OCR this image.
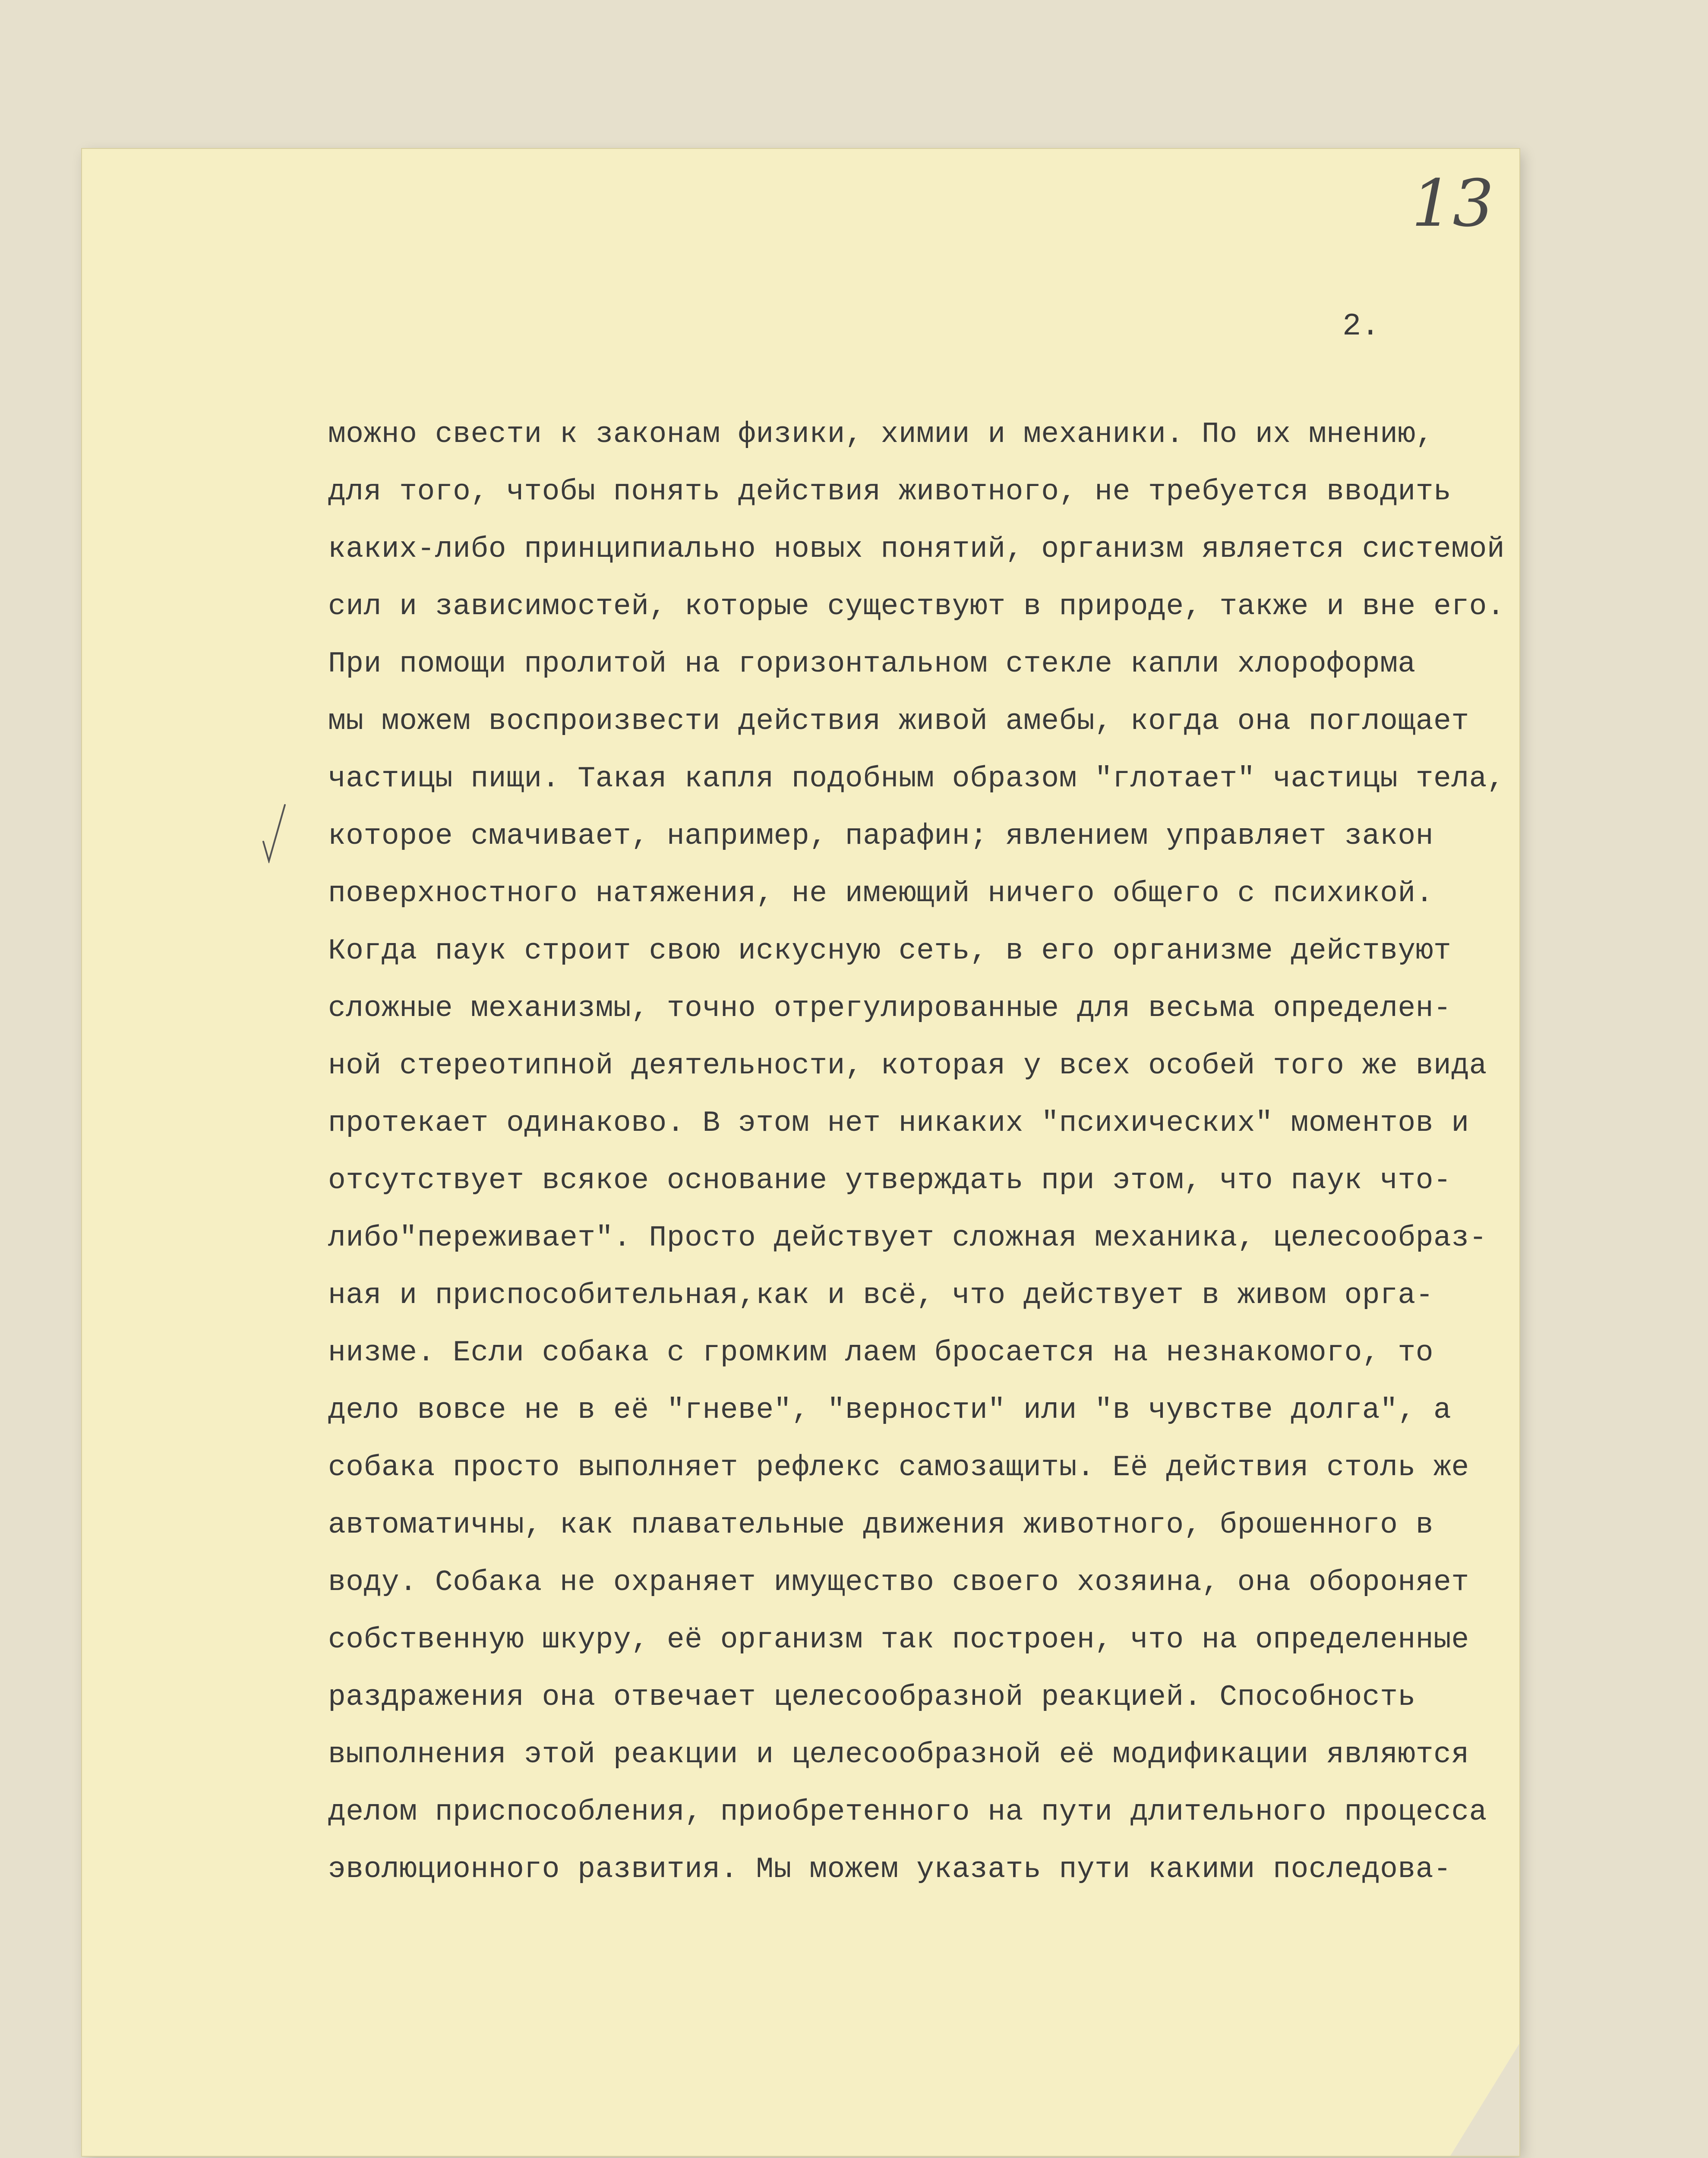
13
2.
можно свести к законам физики, химии и механики. По их мнению,
для того, чтобы понять действия животного, не требуется вводить
каких-либо принципиально новых понятий, организм является системой
сил и зависимостей, которые существуют в природе, также и вне его.
При помощи пролитой на горизонтальном стекле капли хлороформа
мы можем воспроизвести действия живой амебы, когда она поглощает
частицы пищи. Такая капля подобным образом "глотает" частицы тела,
которое смачивает, например, парафин; явлением управляет закон
поверхностного натяжения, не имеющий ничего общего с психикой.
Когда паук строит свою искусную сеть, в его организме действуют
сложные механизмы, точно отрегулированные для весьма определен-
ной стереотипной деятельности, которая у всех особей того же вида
протекает одинаково. В этом нет никаких "психических" моментов и
отсутствует всякое основание утверждать при этом, что паук что-
либо"переживает". Просто действует сложная механика, целесообраз-
ная и приспособительная,как и всё, что действует в живом орга-
низме. Если собака с громким лаем бросается на незнакомого, то
дело вовсе не в её "гневе", "верности" или "в чувстве долга", а
собака просто выполняет рефлекс самозащиты. Её действия столь же
автоматичны, как плавательные движения животного, брошенного в
воду. Собака не охраняет имущество своего хозяина, она обороняет
собственную шкуру, её организм так построен, что на определенные
раздражения она отвечает целесообразной реакцией. Способность
выполнения этой реакции и целесообразной её модификации являются
делом приспособления, приобретенного на пути длительного процесса
эволюционного развития. Мы можем указать пути какими последова-
